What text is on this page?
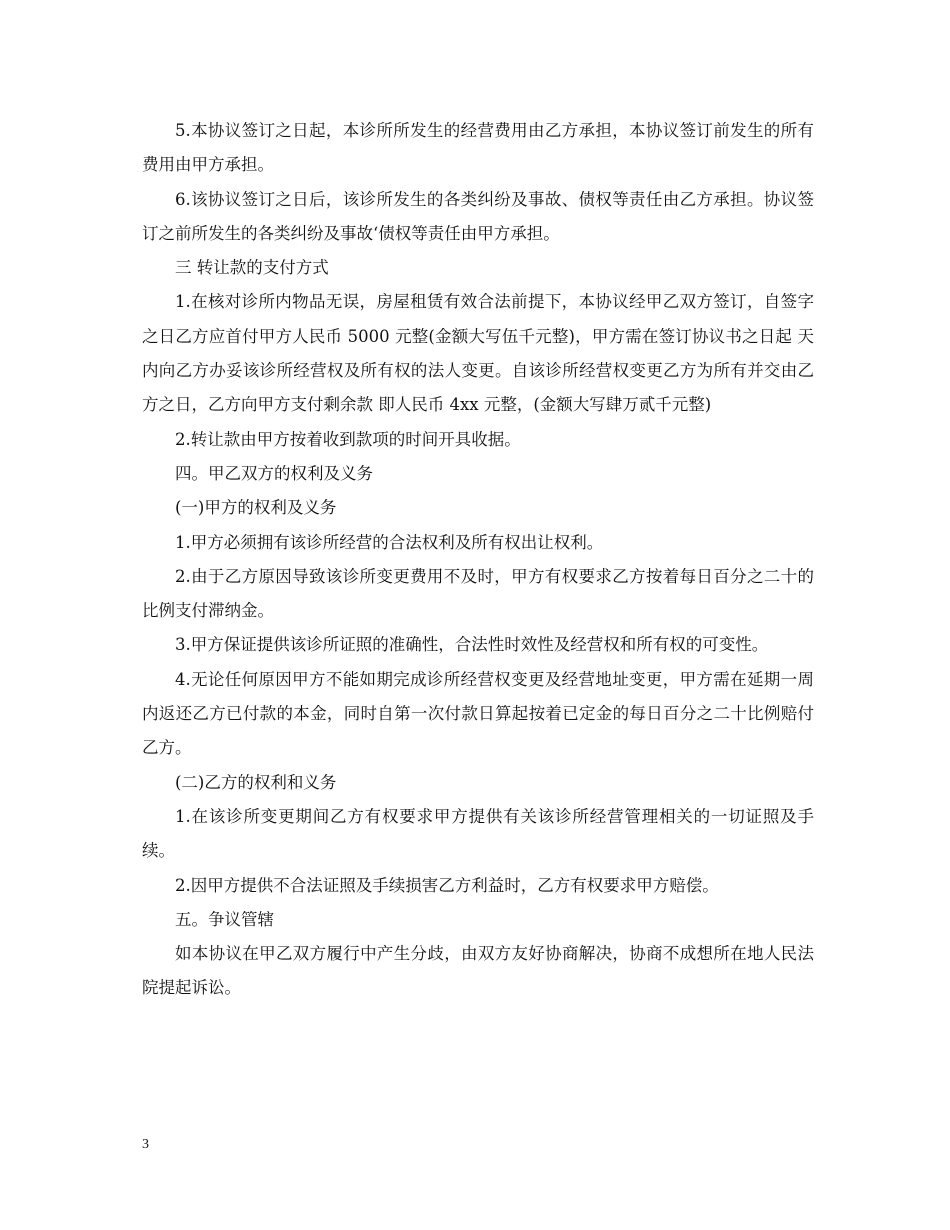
5.本协议签订之日起，本诊所所发生的经营费用由乙方承担，本协议签订前发生的所有费用由甲方承担。

6.该协议签订之日后，该诊所发生的各类纠纷及事故、债权等责任由乙方承担。协议签订之前所发生的各类纠纷及事故‘债权等责任由甲方承担。

三 转让款的支付方式

1.在核对诊所内物品无误，房屋租赁有效合法前提下，本协议经甲乙双方签订，自签字之日乙方应首付甲方人民币 5000 元整(金额大写伍千元整)，甲方需在签订协议书之日起 天内向乙方办妥该诊所经营权及所有权的法人变更。自该诊所经营权变更乙方为所有并交由乙方之日，乙方向甲方支付剩余款 即人民币 4xx 元整，(金额大写肆万贰千元整)

2.转让款由甲方按着收到款项的时间开具收据。

四。甲乙双方的权利及义务

(一)甲方的权利及义务

1.甲方必须拥有该诊所经营的合法权利及所有权出让权利。

2.由于乙方原因导致该诊所变更费用不及时，甲方有权要求乙方按着每日百分之二十的比例支付滞纳金。

3.甲方保证提供该诊所证照的准确性，合法性时效性及经营权和所有权的可变性。

4.无论任何原因甲方不能如期完成诊所经营权变更及经营地址变更，甲方需在延期一周内返还乙方已付款的本金，同时自第一次付款日算起按着已定金的每日百分之二十比例赔付乙方。

(二)乙方的权利和义务

1.在该诊所变更期间乙方有权要求甲方提供有关该诊所经营管理相关的一切证照及手续。

2.因甲方提供不合法证照及手续损害乙方利益时，乙方有权要求甲方赔偿。

五。争议管辖

如本协议在甲乙双方履行中产生分歧，由双方友好协商解决，协商不成想所在地人民法院提起诉讼。

3
